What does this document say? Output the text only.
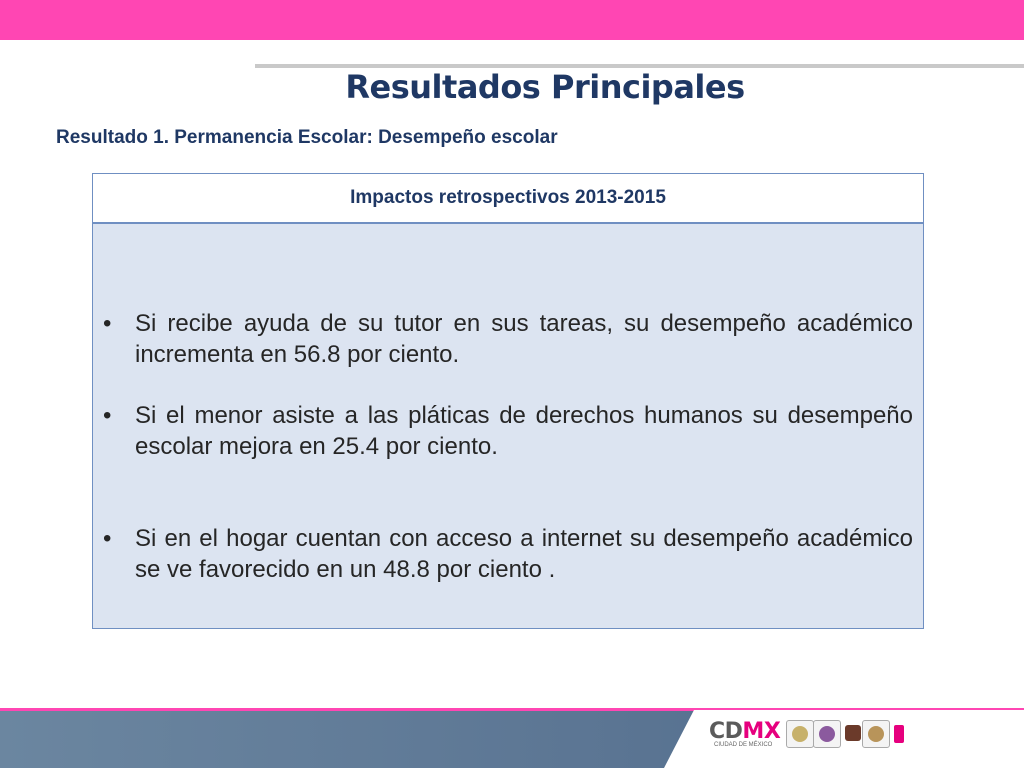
Resultados Principales
Resultado 1. Permanencia Escolar: Desempeño escolar
Impactos retrospectivos 2013-2015
• Si recibe ayuda de su tutor en sus tareas, su desempeño académico incrementa en 56.8 por ciento.
• Si el menor asiste a las pláticas de derechos humanos su desempeño escolar mejora en 25.4 por ciento.
• Si en el hogar cuentan con acceso a internet su desempeño académico se ve favorecido en un 48.8 por ciento .
CDMX
CIUDAD DE MÉXICO
